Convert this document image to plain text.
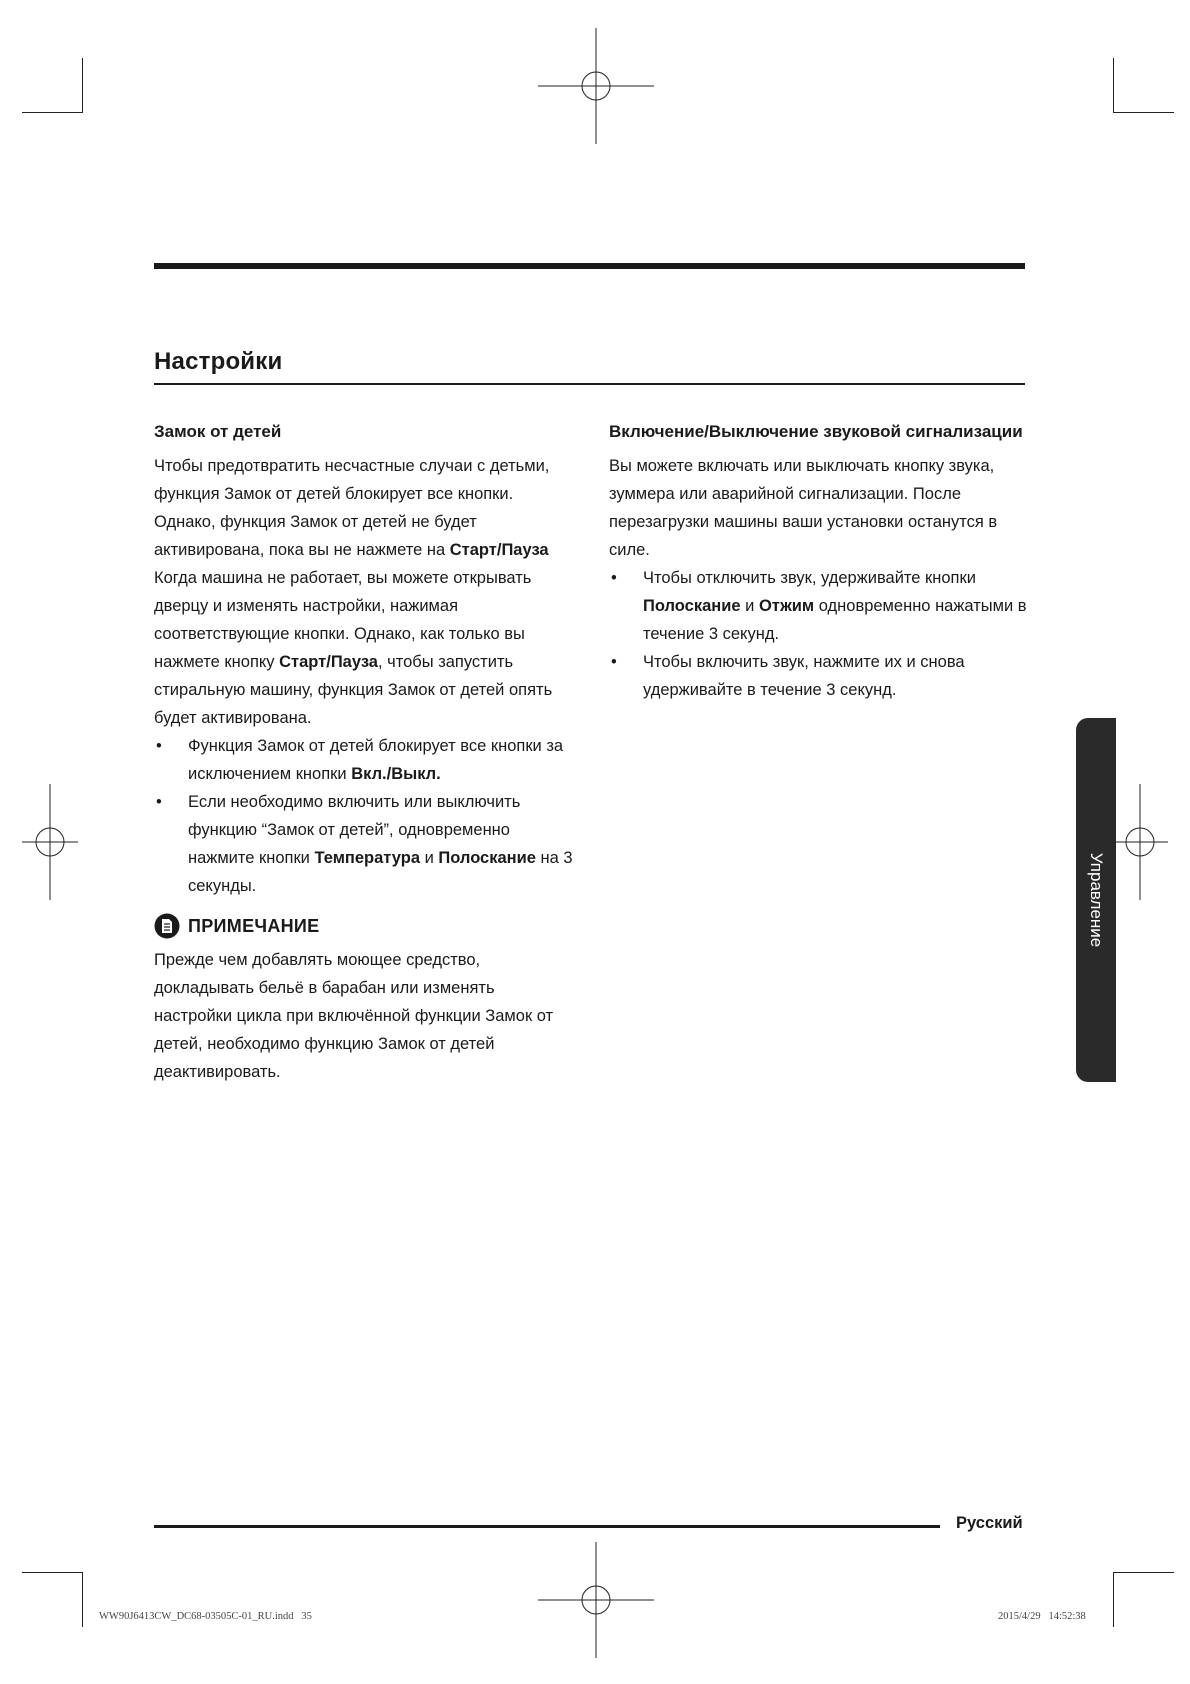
Настройки
Замок от детей

Чтобы предотвратить несчастные случаи с детьми, функция Замок от детей блокирует все кнопки. Однако, функция Замок от детей не будет активирована, пока вы не нажмете на Старт/Пауза Когда машина не работает, вы можете открывать дверцу и изменять настройки, нажимая соответствующие кнопки. Однако, как только вы нажмете кнопку Старт/Пауза, чтобы запустить стиральную машину, функция Замок от детей опять будет активирована.

• Функция Замок от детей блокирует все кнопки за исключением кнопки Вкл./Выкл.
• Если необходимо включить или выключить функцию “Замок от детей”, одновременно нажмите кнопки Температура и Полоскание на 3 секунды.
ПРИМЕЧАНИЕ

Прежде чем добавлять моющее средство, докладывать бельё в барабан или изменять настройки цикла при включённой функции Замок от детей, необходимо функцию Замок от детей деактивировать.

Включение/Выключение звуковой сигнализации

Вы можете включать или выключать кнопку звука, зуммера или аварийной сигнализации. После перезагрузки машины ваши установки останутся в силе.

• Чтобы отключить звук, удерживайте кнопки Полоскание и Отжим одновременно нажатыми в течение 3 секунд.
• Чтобы включить звук, нажмите их и снова удерживайте в течение 3 секунд.
Управление
Русский
WW90J6413CW_DC68-03505C-01_RU.indd   35	2015/4/29   14:52:38
